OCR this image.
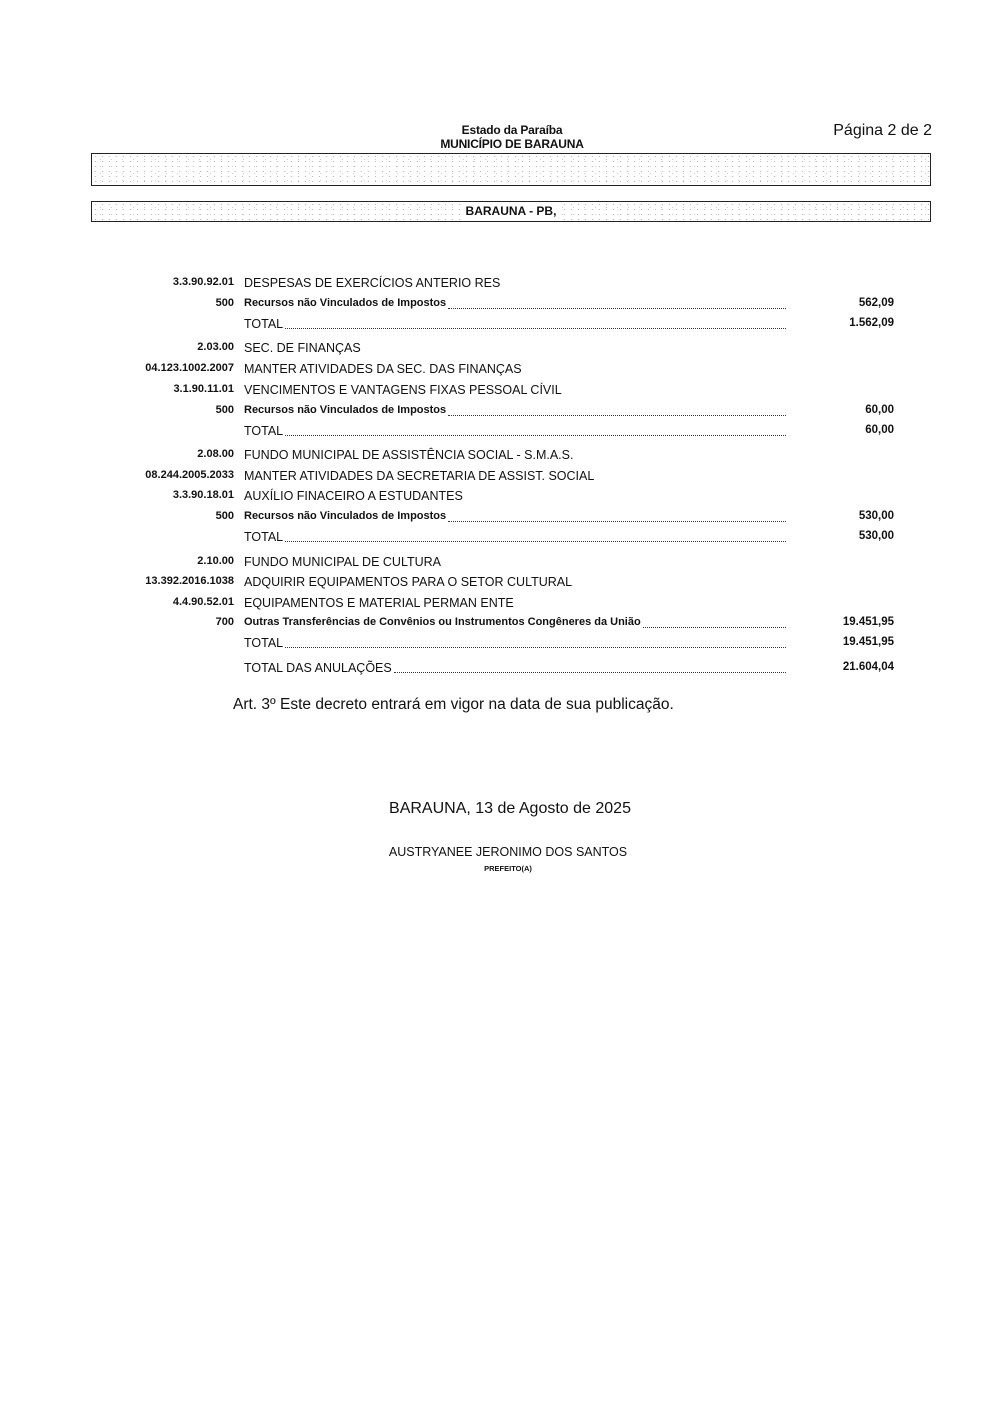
Estado da Paraíba
MUNICÍPIO DE BARAUNA
Página 2 de 2
BARAUNA - PB,
3.3.90.92.01 DESPESAS DE EXERCÍCIOS ANTERIO RES
500 Recursos não Vinculados de Impostos	562,09
TOTAL	1.562,09
2.03.00 SEC. DE FINANÇAS
04.123.1002.2007 MANTER ATIVIDADES DA SEC. DAS FINANÇAS
3.1.90.11.01 VENCIMENTOS E VANTAGENS FIXAS PESSOAL CÍVIL
500 Recursos não Vinculados de Impostos	60,00
TOTAL	60,00
2.08.00 FUNDO MUNICIPAL DE ASSISTÊNCIA SOCIAL - S.M.A.S.
08.244.2005.2033 MANTER ATIVIDADES DA SECRETARIA DE ASSIST. SOCIAL
3.3.90.18.01 AUXÍLIO FINACEIRO A ESTUDANTES
500 Recursos não Vinculados de Impostos	530,00
TOTAL	530,00
2.10.00 FUNDO MUNICIPAL DE CULTURA
13.392.2016.1038 ADQUIRIR EQUIPAMENTOS PARA O SETOR CULTURAL
4.4.90.52.01 EQUIPAMENTOS E MATERIAL PERMAN ENTE
700 Outras Transferências de Convênios ou Instrumentos Congêneres da União	19.451,95
TOTAL	19.451,95
TOTAL DAS ANULAÇÕES	21.604,04
Art. 3º Este decreto entrará em vigor na data de sua publicação.
BARAUNA, 13 de Agosto de 2025
AUSTRYANEE JERONIMO DOS SANTOS
PREFEITO(A)
